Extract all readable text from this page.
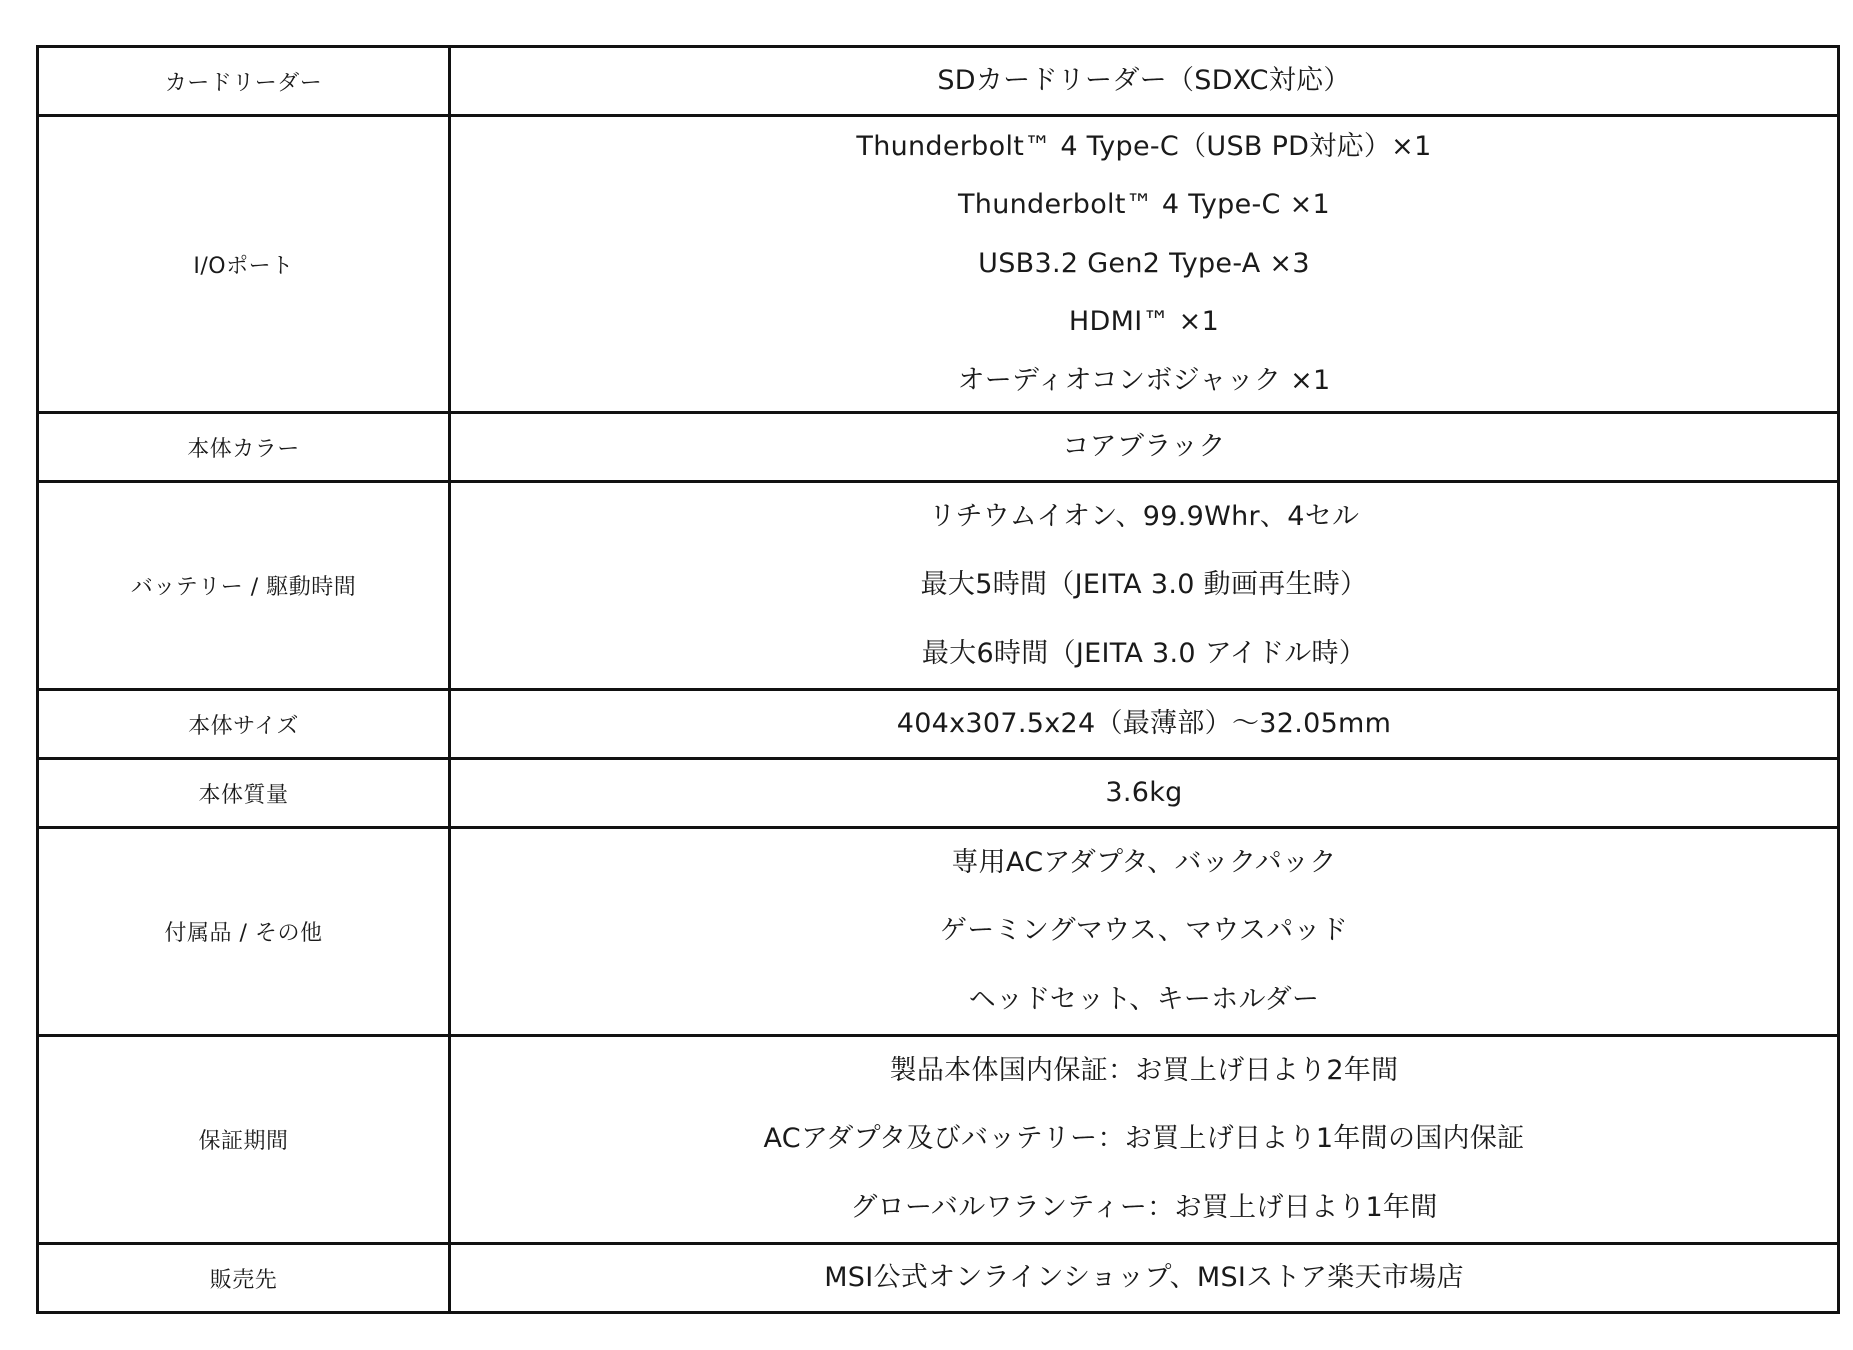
カードリーダー	SDカードリーダー（SDXC対応）

I/Oポート	Thunderbolt™ 4 Type-C（USB PD対応）×1
Thunderbolt™ 4 Type-C ×1
USB3.2 Gen2 Type-A ×3
HDMI™ ×1
オーディオコンボジャック ×1

本体カラー	コアブラック

バッテリー / 駆動時間	リチウムイオン、99.9Whr、4セル
最大5時間（JEITA 3.0 動画再生時）
最大6時間（JEITA 3.0 アイドル時）

本体サイズ	404x307.5x24（最薄部）～32.05mm

本体質量	3.6kg

付属品 / その他	専用ACアダプタ、バックパック
ゲーミングマウス、マウスパッド
ヘッドセット、キーホルダー

保証期間	製品本体国内保証：お買上げ日より2年間
ACアダプタ及びバッテリー：お買上げ日より1年間の国内保証
グローバルワランティー：お買上げ日より1年間

販売先	MSI公式オンラインショップ、MSIストア楽天市場店
